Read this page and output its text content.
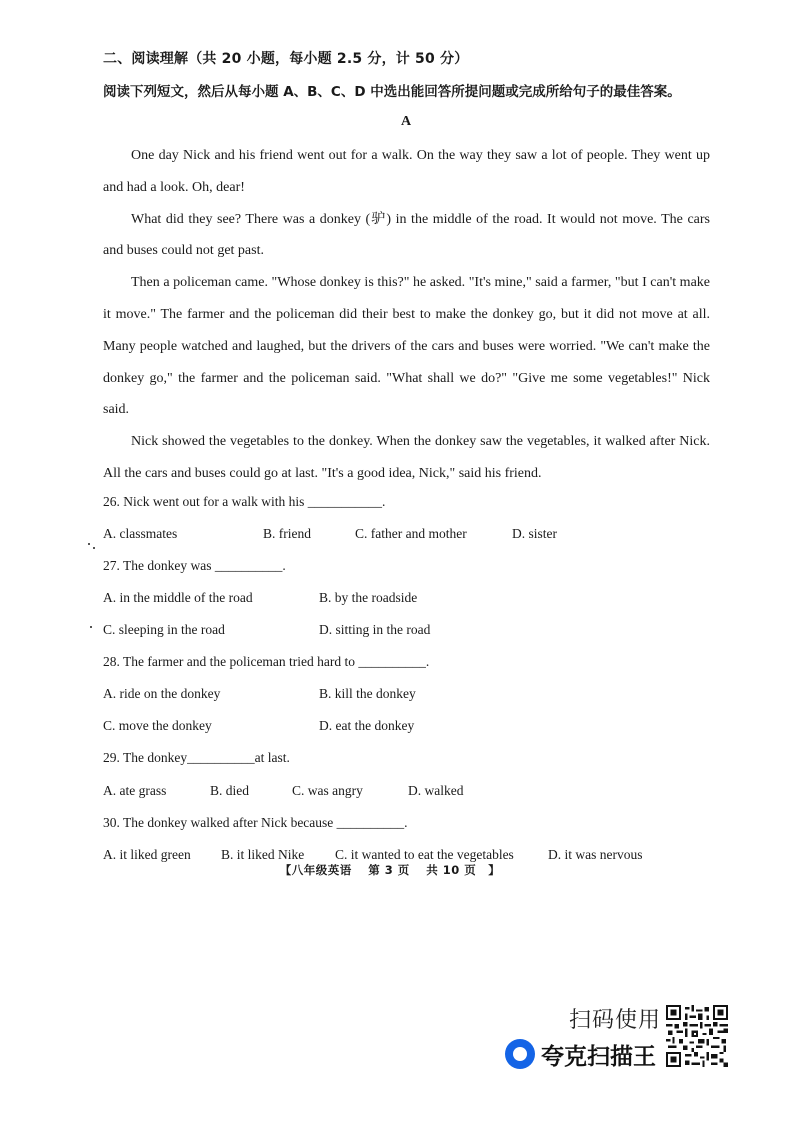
二、阅读理解（共 20 小题，每小题 2.5 分，计 50 分）
阅读下列短文，然后从每小题 A、B、C、D 中选出能回答所提问题或完成所给句子的最佳答案。
A

One day Nick and his friend went out for a walk. On the way they saw a lot of people. They went up and had a look. Oh, dear!

What did they see? There was a donkey (驴) in the middle of the road. It would not move. The cars and buses could not get past.

Then a policeman came. "Whose donkey is this?" he asked. "It's mine," said a farmer, "but I can't make it move." The farmer and the policeman did their best to make the donkey go, but it did not move at all. Many people watched and laughed, but the drivers of the cars and buses were worried. "We can't make the donkey go," the farmer and the policeman said. "What shall we do?" "Give me some vegetables!" Nick said.

Nick showed the vegetables to the donkey. When the donkey saw the vegetables, it walked after Nick. All the cars and buses could go at last. "It's a good idea, Nick," said his friend.

26. Nick went out for a walk with his ___________.
A. classmates	B. friend	C. father and mother	D. sister
27. The donkey was __________.
A. in the middle of the road	B. by the roadside
C. sleeping in the road	D. sitting in the road
28. The farmer and the policeman tried hard to __________.
A. ride on the donkey	B. kill the donkey
C. move the donkey	D. eat the donkey
29. The donkey__________at last.
A. ate grass	B. died	C. was angry	D. walked
30. The donkey walked after Nick because __________.
A. it liked green B. it liked Nike C. it wanted to eat the vegetables	D. it was nervous
【八年级英语　 第 3 页　 共 10 页　】
扫码使用
夸克扫描王
